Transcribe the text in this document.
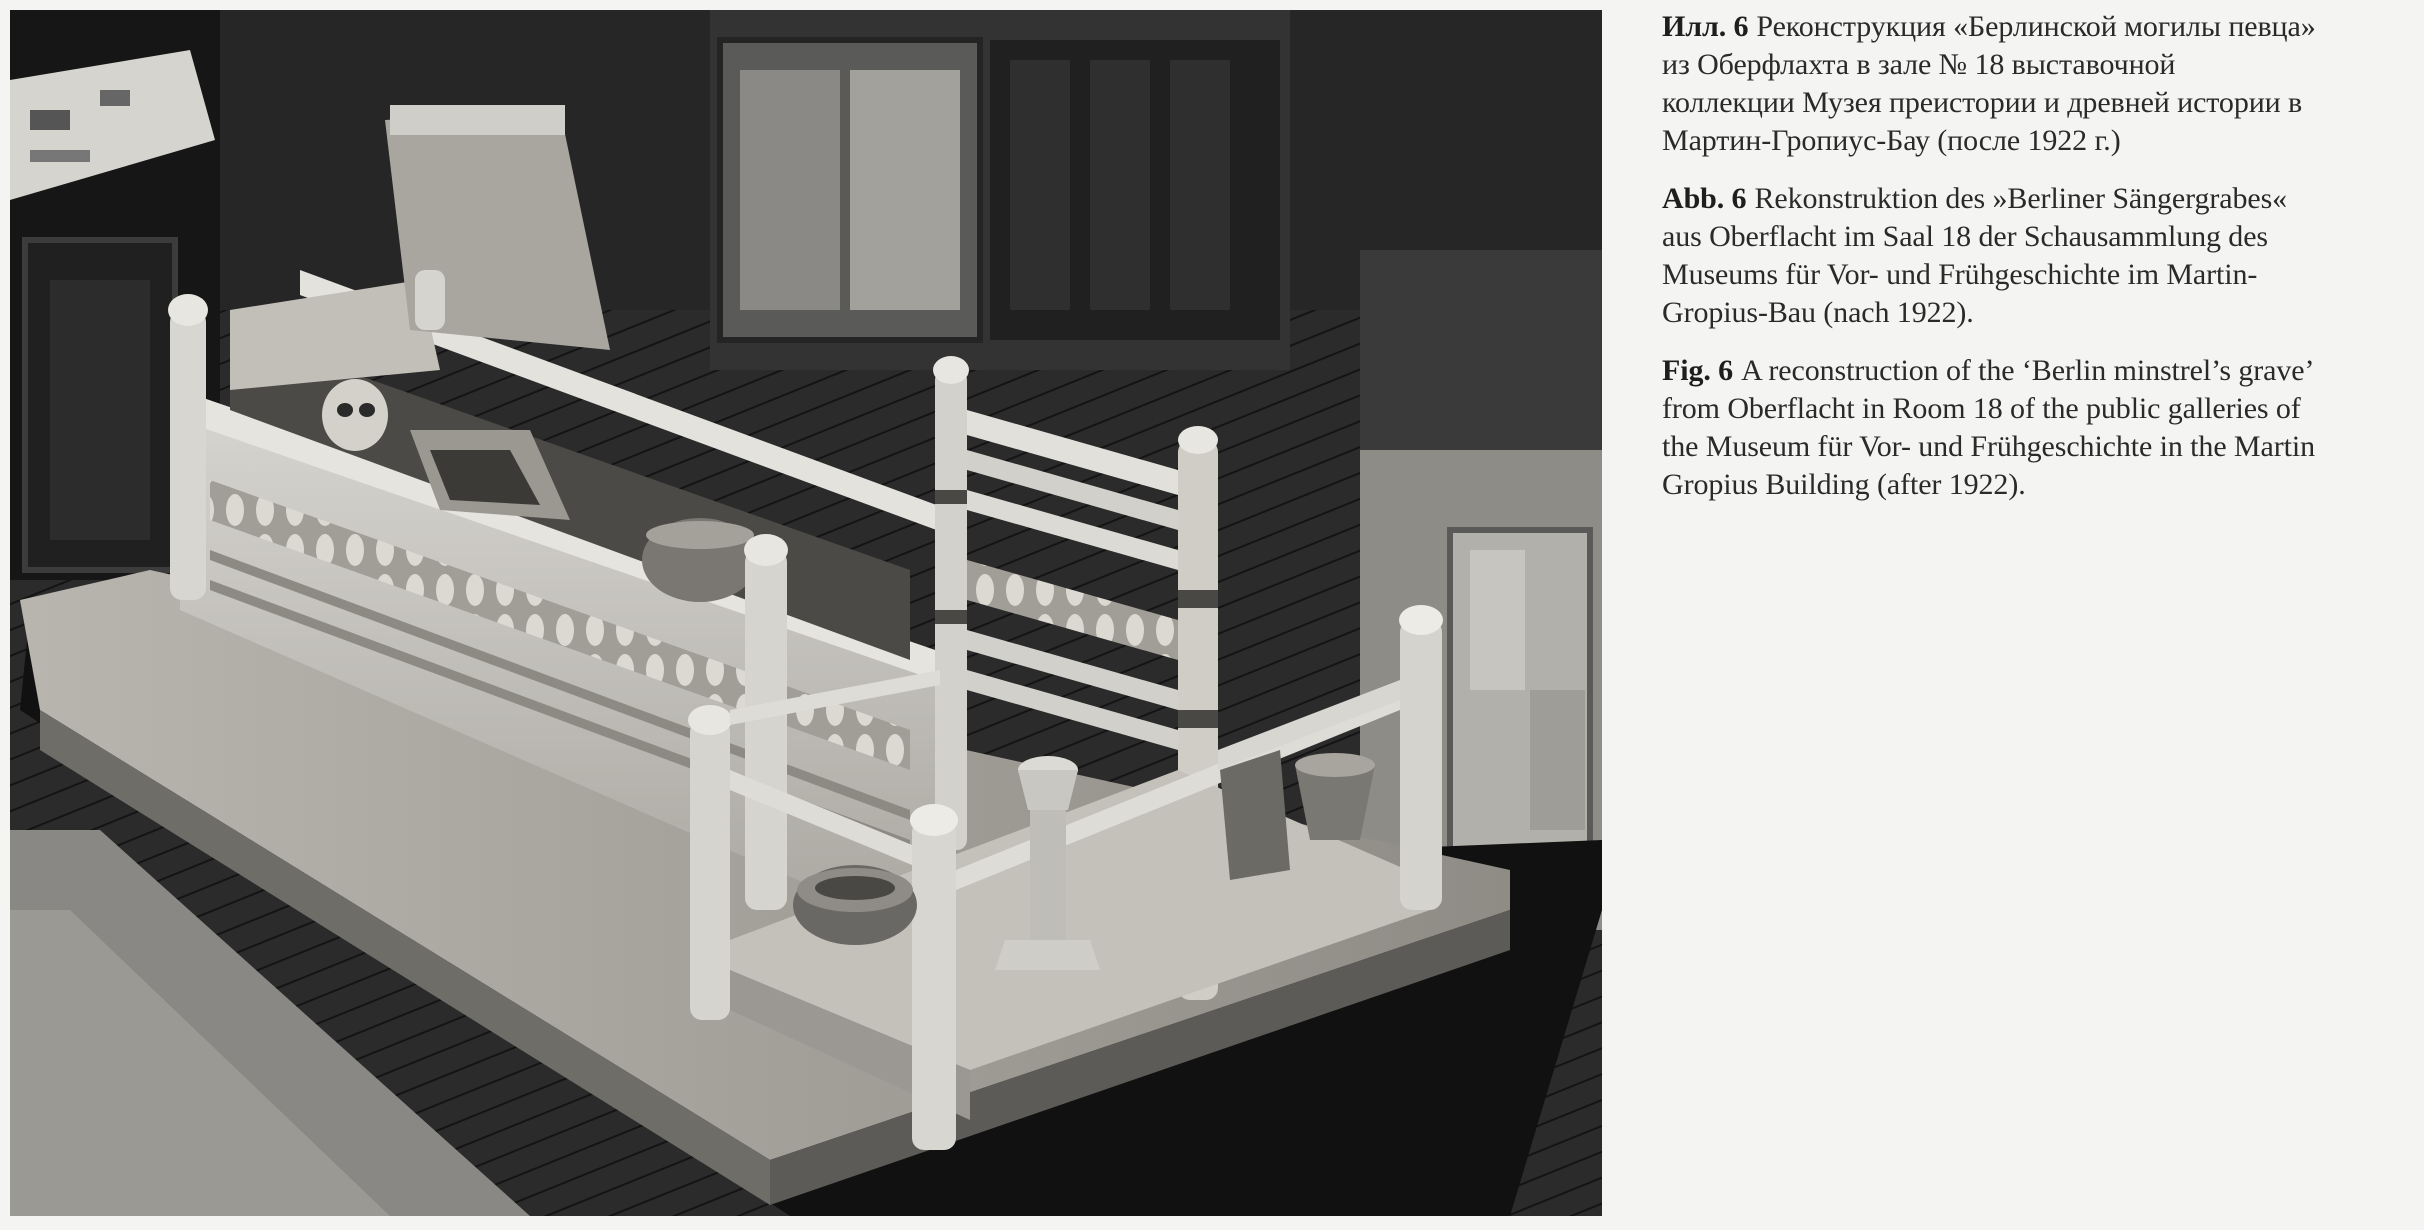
Илл. 6 Реконструкция «Берлинской могилы певца»

из Оберфлахта в зале № 18 выставочной

коллекции Музея преистории и древней истории в

Мартин-Гропиус-Бау (после 1922 г.)

Abb. 6 Rekonstruktion des »Berliner Sängergrabes«

aus Oberflacht im Saal 18 der Schausammlung des

Museums für Vor- und Frühgeschichte im Martin-

Gropius-Bau (nach 1922).

Fig. 6 A reconstruction of the ‘Berlin minstrel’s grave’

from Oberflacht in Room 18 of the public galleries of

the Museum für Vor- und Frühgeschichte in the Martin

Gropius Building (after 1922).
